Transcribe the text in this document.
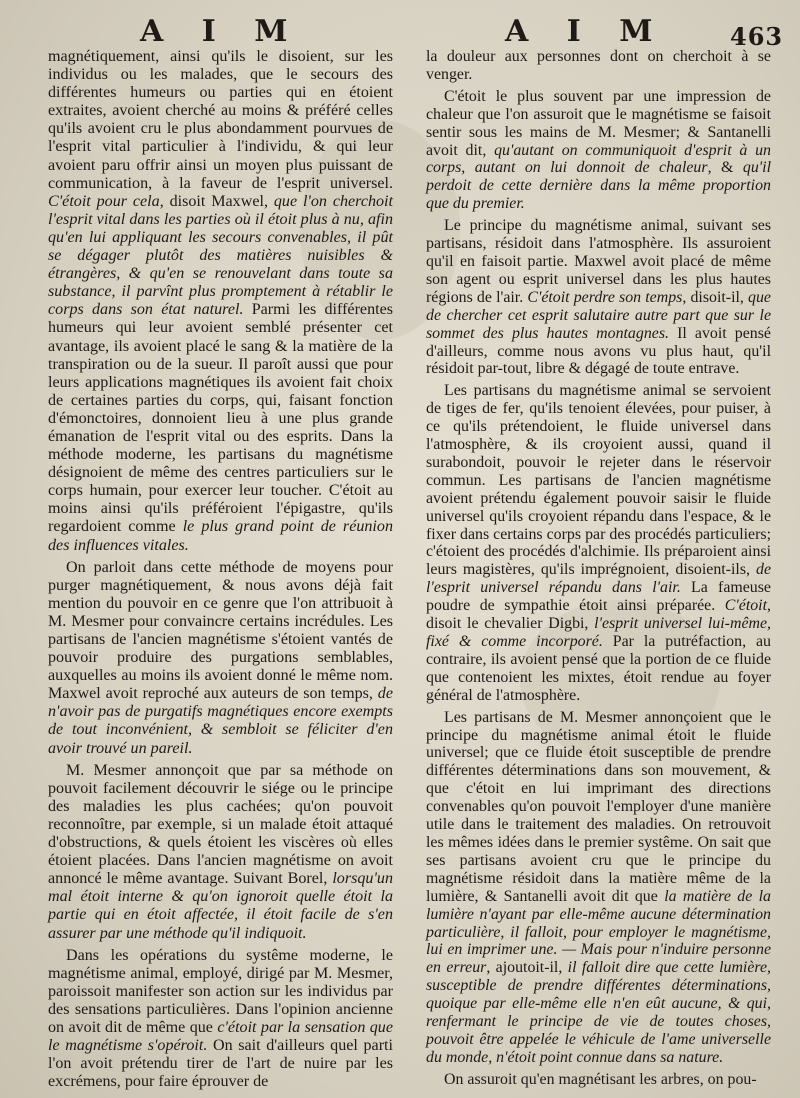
A I M	A I M	463

magnétiquement, ainsi qu'ils le disoient, sur les individus ou les malades, que le secours des différentes humeurs ou parties qui en étoient extraites, avoient cherché au moins & préféré celles qu'ils avoient cru le plus abondamment pourvues de l'esprit vital particulier à l'individu, & qui leur avoient paru offrir ainsi un moyen plus puissant de communication, à la faveur de l'esprit universel. C'étoit pour cela, disoit Maxwel, que l'on cherchoit l'esprit vital dans les parties où il étoit plus à nu, afin qu'en lui appliquant les secours convenables, il pût se dégager plutôt des matières nuisibles & étrangères, & qu'en se renouvelant dans toute sa substance, il parvînt plus promptement à rétablir le corps dans son état naturel. Parmi les différentes humeurs qui leur avoient semblé présenter cet avantage, ils avoient placé le sang & la matière de la transpiration ou de la sueur. Il paroît aussi que pour leurs applications magnétiques ils avoient fait choix de certaines parties du corps, qui, faisant fonction d'émonctoires, donnoient lieu à une plus grande émanation de l'esprit vital ou des esprits. Dans la méthode moderne, les partisans du magnétisme désignoient de même des centres particuliers sur le corps humain, pour exercer leur toucher. C'étoit au moins ainsi qu'ils préféroient l'épigastre, qu'ils regardoient comme le plus grand point de réunion des influences vitales.

On parloit dans cette méthode de moyens pour purger magnétiquement, & nous avons déjà fait mention du pouvoir en ce genre que l'on attribuoit à M. Mesmer pour convaincre certains incrédules. Les partisans de l'ancien magnétisme s'étoient vantés de pouvoir produire des purgations semblables, auxquelles au moins ils avoient donné le même nom. Maxwel avoit reproché aux auteurs de son temps, de n'avoir pas de purgatifs magnétiques encore exempts de tout inconvénient, & sembloit se féliciter d'en avoir trouvé un pareil.

M. Mesmer annonçoit que par sa méthode on pouvoit facilement découvrir le siége ou le principe des maladies les plus cachées; qu'on pouvoit reconnoître, par exemple, si un malade étoit attaqué d'obstructions, & quels étoient les viscères où elles étoient placées. Dans l'ancien magnétisme on avoit annoncé le même avantage. Suivant Borel, lorsqu'un mal étoit interne & qu'on ignoroit quelle étoit la partie qui en étoit affectée, il étoit facile de s'en assurer par une méthode qu'il indiquoit.

Dans les opérations du systême moderne, le magnétisme animal, employé, dirigé par M. Mesmer, paroissoit manifester son action sur les individus par des sensations particulières. Dans l'opinion ancienne on avoit dit de même que c'étoit par la sensation que le magnétisme s'opéroit. On sait d'ailleurs quel parti l'on avoit prétendu tirer de l'art de nuire par les excrémens, pour faire éprouver de

la douleur aux personnes dont on cherchoit à se venger.

C'étoit le plus souvent par une impression de chaleur que l'on assuroit que le magnétisme se faisoit sentir sous les mains de M. Mesmer; & Santanelli avoit dit, qu'autant on communiquoit d'esprit à un corps, autant on lui donnoit de chaleur, & qu'il perdoit de cette dernière dans la même proportion que du premier.

Le principe du magnétisme animal, suivant ses partisans, résidoit dans l'atmosphère. Ils assuroient qu'il en faisoit partie. Maxwel avoit placé de même son agent ou esprit universel dans les plus hautes régions de l'air. C'étoit perdre son temps, disoit-il, que de chercher cet esprit salutaire autre part que sur le sommet des plus hautes montagnes. Il avoit pensé d'ailleurs, comme nous avons vu plus haut, qu'il résidoit par-tout, libre & dégagé de toute entrave.

Les partisans du magnétisme animal se servoient de tiges de fer, qu'ils tenoient élevées, pour puiser, à ce qu'ils prétendoient, le fluide universel dans l'atmosphère, & ils croyoient aussi, quand il surabondoit, pouvoir le rejeter dans le réservoir commun. Les partisans de l'ancien magnétisme avoient prétendu également pouvoir saisir le fluide universel qu'ils croyoient répandu dans l'espace, & le fixer dans certains corps par des procédés particuliers; c'étoient des procédés d'alchimie. Ils préparoient ainsi leurs magistères, qu'ils imprégnoient, disoient-ils, de l'esprit universel répandu dans l'air. La fameuse poudre de sympathie étoit ainsi préparée. C'étoit, disoit le chevalier Digbi, l'esprit universel lui-même, fixé & comme incorporé. Par la putréfaction, au contraire, ils avoient pensé que la portion de ce fluide que contenoient les mixtes, étoit rendue au foyer général de l'atmosphère.

Les partisans de M. Mesmer annonçoient que le principe du magnétisme animal étoit le fluide universel; que ce fluide étoit susceptible de prendre différentes déterminations dans son mouvement, & que c'étoit en lui imprimant des directions convenables qu'on pouvoit l'employer d'une manière utile dans le traitement des maladies. On retrouvoit les mêmes idées dans le premier systême. On sait que ses partisans avoient cru que le principe du magnétisme résidoit dans la matière même de la lumière, & Santanelli avoit dit que la matière de la lumière n'ayant par elle-même aucune détermination particulière, il falloit, pour employer le magnétisme, lui en imprimer une. — Mais pour n'induire personne en erreur, ajoutoit-il, il falloit dire que cette lumière, susceptible de prendre différentes déterminations, quoique par elle-même elle n'en eût aucune, & qui, renfermant le principe de vie de toutes choses, pouvoit être appelée le véhicule de l'ame universelle du monde, n'étoit point connue dans sa nature.

On assuroit qu'en magnétisant les arbres, on pou-
